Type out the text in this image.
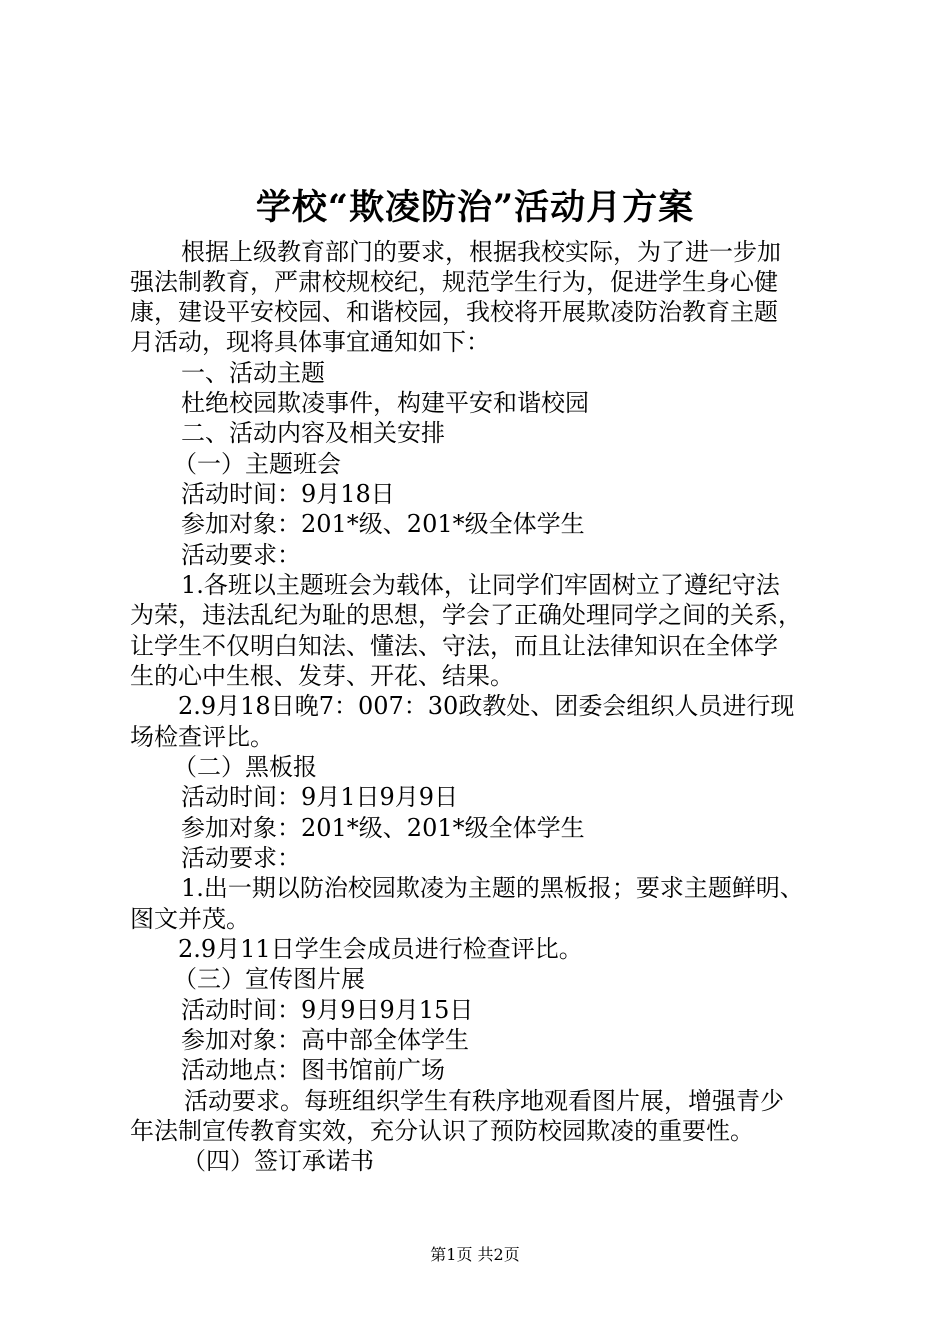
学校“欺凌防治”活动月方案
根据上级教育部门的要求，根据我校实际，为了进一步加
强法制教育，严肃校规校纪，规范学生行为，促进学生身心健
康，建设平安校园、和谐校园，我校将开展欺凌防治教育主题
月活动，现将具体事宜通知如下：
一、活动主题
杜绝校园欺凌事件，构建平安和谐校园
二、活动内容及相关安排
（一）主题班会
活动时间：9月18日
参加对象：201*级、201*级全体学生
活动要求：
1.各班以主题班会为载体，让同学们牢固树立了遵纪守法
为荣，违法乱纪为耻的思想，学会了正确处理同学之间的关系，
让学生不仅明白知法、懂法、守法，而且让法律知识在全体学
生的心中生根、发芽、开花、结果。
2.9月18日晚7：007：30政教处、团委会组织人员进行现
场检查评比。
（二）黑板报
活动时间：9月1日9月9日
参加对象：201*级、201*级全体学生
活动要求：
1.出一期以防治校园欺凌为主题的黑板报；要求主题鲜明、
图文并茂。
2.9月11日学生会成员进行检查评比。
（三）宣传图片展
活动时间：9月9日9月15日
参加对象：高中部全体学生
活动地点：图书馆前广场
活动要求。每班组织学生有秩序地观看图片展，增强青少
年法制宣传教育实效，充分认识了预防校园欺凌的重要性。
（四）签订承诺书
第1页 共2页
